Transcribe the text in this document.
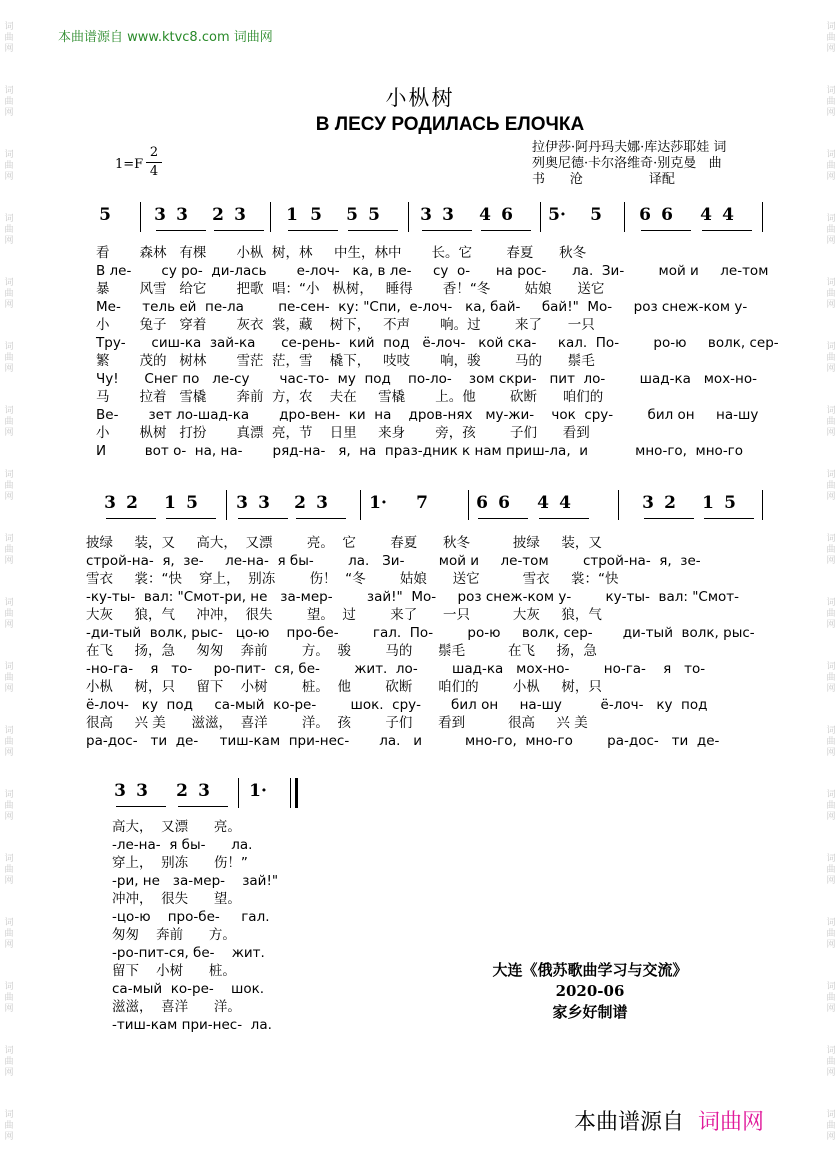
词
曲
网
词
曲
网
词
曲
网
词
曲
网
词
曲
网
词
曲
网
词
曲
网
词
曲
网
词
曲
网
词
曲
网
词
曲
网
词
曲
网
词
曲
网
词
曲
网
词
曲
网
词
曲
网
词
曲
网
词
曲
网
词
曲
网
词
曲
网
词
曲
网
词
曲
网
词
曲
网
词
曲
网
词
曲
网
词
曲
网
词
曲
网
词
曲
网
词
曲
网
词
曲
网
词
曲
网
词
曲
网
词
曲
网
词
曲
网
词
曲
网
词
曲
网
本曲谱源自 www.ktvc8.com 词曲网
小枞树
В ЛЕСУ РОДИЛАСЬ ЕЛОЧКА
1=F
2
4
拉伊莎·阿丹玛夫娜·库达莎耶娃 词
列奥尼德·卡尔洛维奇·别克曼   曲
书      沧                译配
5	3 3 2 3 1 5 5 5 3 3 4 6 5· 5 6 6 4 4
3 2 1 5 3 3 2 3 1· 7	6 6 4 4	3 2 1 5
3 3 2 3 1·
看       森林   有棵       小枞  树，林     中生，林中       长。它        春夏      秋冬
В ле-       су ро-  ди-лась       е-лоч-   ка, в ле-     су  о-      на рос-      ла.  Зи-        мой и     ле-том
暴       风雪   给它       把歌  唱：“小   枞树，   睡得       香！“冬        姑娘      送它
Ме-     тель ей  пе-ла        пе-сен-  ку: "Спи,  е-лоч-   ка, бай-     бай!"  Мо-     роз снеж-ком у-
小       兔子   穿着       灰衣  裳，藏    树下，   不声       响。过        来了      一只
Тру-      сиш-ка  зай-ка      се-рень-  кий  под   ё-лоч-   кой ска-     кал.  По-        ро-ю     волк, сер-
繁       茂的   树林       雪茫  茫，雪    橇下，   吱吱       响，骏        马的      鬃毛
Чу!      Снег по   ле-су       час-то-  му  под    по-ло-    зом скри-   пит  ло-        шад-ка   мох-но-
马       拉着   雪橇       奔前  方，农    夫在     雪橇       上。他        砍断      咱们的
Ве-       зет ло-шад-ка       дро-вен-  ки  на    дров-нях   му-жи-    чок  сру-        бил он     на-шу
小       枞树   打扮       真漂  亮，节    日里     来身       旁，孩        子们      看到
И         вот о-  на, на-       ряд-на-   я,  на  праз-дник к нам приш-ла,  и           мно-го,  мно-го
披绿     装，又     高大，  又漂        亮。  它        春夏      秋冬          披绿     装，又
строй-на-  я,  зе-     ле-на-  я бы-        ла.   Зи-        мой и     ле-том        строй-на-  я,  зе-
雪衣     裳：“快    穿上，  别冻        伤！  “冬        姑娘      送它          雪衣     裳：“快
-ку-ты-  вал: "Смот-ри, не   за-мер-        зай!"  Мо-     роз снеж-ком у-        ку-ты-  вал: "Смот-
大灰     狼，气     冲冲，  很失        望。  过        来了      一只          大灰     狼，气
-ди-тый  волк, рыс-   цо-ю    про-бе-        гал.  По-        ро-ю     волк, сер-       ди-тый  волк, рыс-
在飞     扬，急     匆匆    奔前        方。  骏        马的      鬃毛          在飞     扬，急
-но-га-    я   то-     ро-пит-  ся, бе-        жит.  ло-        шад-ка   мох-но-        но-га-    я   то-
小枞     树，只     留下    小树        桩。  他        砍断      咱们的        小枞     树，只
ё-лоч-   ку  под     са-мый  ко-ре-        шок.  сру-       бил он     на-шу         ё-лоч-   ку  под
很高     兴 美      滋滋，  喜洋        洋。  孩        子们      看到          很高     兴 美
ра-дос-   ти  де-     тиш-кам  при-нес-       ла.   и          мно-го,  мно-го        ра-дос-   ти  де-
高大，  又漂      亮。
-ле-на-  я бы-      ла.
穿上，  别冻      伤！”
-ри, не   за-мер-    зай!"
冲冲，  很失      望。
-цо-ю    про-бе-     гал.
匆匆    奔前      方。
-ро-пит-ся, бе-    жит.
留下    小树      桩。
са-мый  ко-ре-    шок.
滋滋，  喜洋      洋。
-тиш-кам при-нес-  ла.
大连《俄苏歌曲学习与交流》
2020-06
家乡好制谱
本曲谱源自 词曲网
